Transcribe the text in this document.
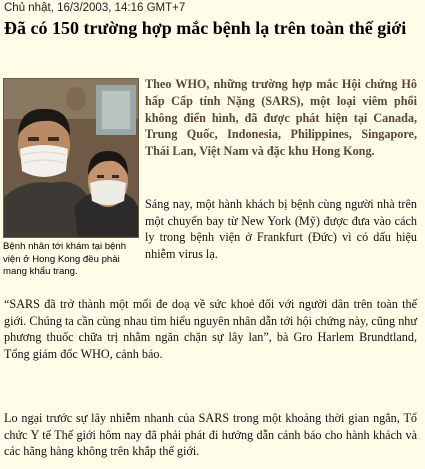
Chủ nhật, 16/3/2003, 14:16 GMT+7
Đã có 150 trường hợp mắc bệnh lạ trên toàn thế giới
Bệnh nhân tới khám tại bệnh viện ở Hong Kong đều phải mang khẩu trang.

Theo WHO, những trường hợp mắc Hội chứng Hô hấp Cấp tính Nặng (SARS), một loại viêm phổi không điển hình, đã được phát hiện tại Canada, Trung Quốc, Indonesia, Philippines, Singapore, Thái Lan, Việt Nam và đặc khu Hong Kong.

Sáng nay, một hành khách bị bệnh cùng người nhà trên một chuyến bay từ New York (Mỹ) được đưa vào cách ly trong bệnh viện ở Frankfurt (Đức) vì có dấu hiệu nhiễm virus lạ.

“SARS đã trở thành một mối đe doạ về sức khoẻ đối với người dân trên toàn thế giới. Chúng ta cần cùng nhau tìm hiểu nguyên nhân dẫn tới hội chứng này, cũng như phương thuốc chữa trị nhằm ngăn chặn sự lây lan”, bà Gro Harlem Brundtland, Tổng giám đốc WHO, cảnh báo.

Lo ngại trước sự lây nhiễm nhanh của SARS trong một khoảng thời gian ngắn, Tổ chức Y tế Thế giới hôm nay đã phải phát đi hướng dẫn cảnh báo cho hành khách và các hãng hàng không trên khắp thế giới.
